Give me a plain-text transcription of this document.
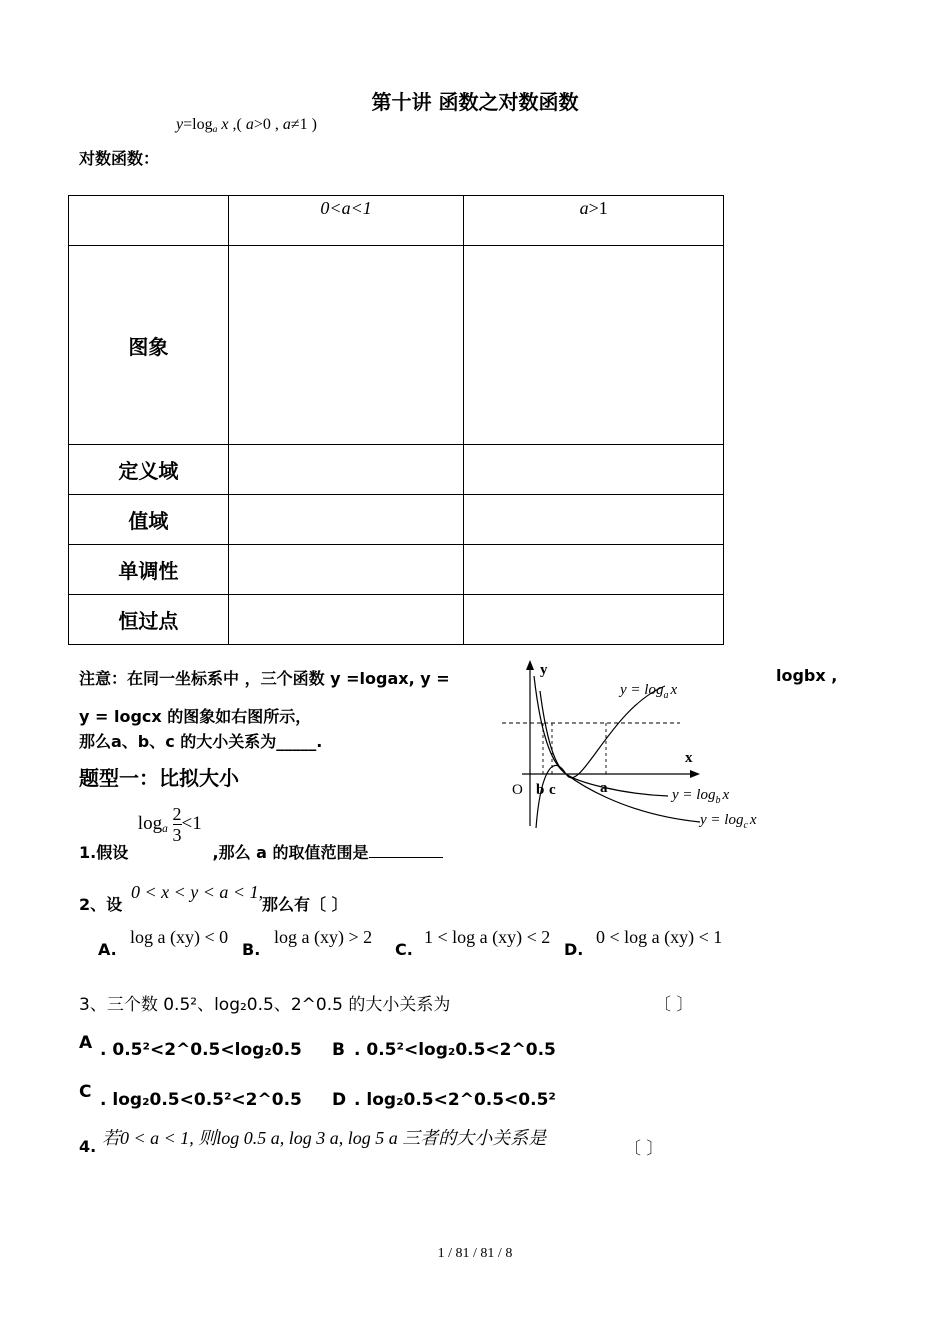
第十讲 函数之对数函数
$y=\log_a$ x ,( a>0 , a≠1 )
对数函数：
	0<a<1	a>1
图象		
定义域		
值域		
单调性		
恒过点		
注意：在同一坐标系中 ，三个函数 y =logax, y =	logbx ,
y = logcx 的图象如右图所示，
那么a、b、c 的大小关系为_____.
y
x
O b c	a
$y = \log_a x$
$y = \log_b x$
$y = \log_c x$
题型一：比拟大小
1.假设 $\log_a \frac{2}{3} <1$ ,那么 a 的取值范围是
2、设
0 < x < y < a < 1,
那么有〔 〕
A.
log a (xy) < 0
B.
log a (xy) > 2
C.
1 < log a (xy) < 2
D.
0 < log a (xy) < 1
3、三个数 0.5²、log₂0.5、2^0.5 的大小关系为	〔 〕
A . 0.5²<2^0.5<log₂0.5 B . 0.5²<log₂0.5<2^0.5
C . log₂0.5<0.5²<2^0.5 D . log₂0.5<2^0.5<0.5²
4. 若0 < a < 1, 则log 0.5 a, log 3 a, log 5 a 三者的大小关系是
〔 〕
1 / 81 / 81 / 8
